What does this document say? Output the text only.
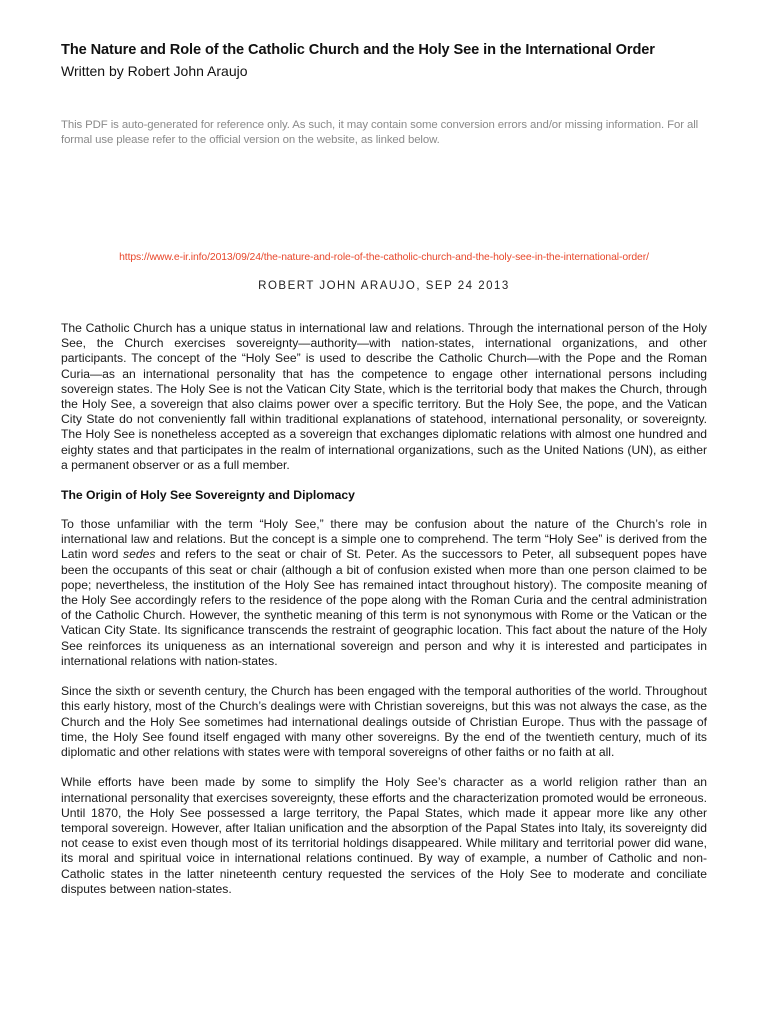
The Nature and Role of the Catholic Church and the Holy See in the International Order
Written by Robert John Araujo
This PDF is auto-generated for reference only. As such, it may contain some conversion errors and/or missing information. For all formal use please refer to the official version on the website, as linked below.
https://www.e-ir.info/2013/09/24/the-nature-and-role-of-the-catholic-church-and-the-holy-see-in-the-international-order/
ROBERT JOHN ARAUJO, SEP 24 2013

The Catholic Church has a unique status in international law and relations. Through the international person of the Holy See, the Church exercises sovereignty—authority—with nation-states, international organizations, and other participants. The concept of the “Holy See” is used to describe the Catholic Church—with the Pope and the Roman Curia—as an international personality that has the competence to engage other international persons including sovereign states. The Holy See is not the Vatican City State, which is the territorial body that makes the Church, through the Holy See, a sovereign that also claims power over a specific territory. But the Holy See, the pope, and the Vatican City State do not conveniently fall within traditional explanations of statehood, international personality, or sovereignty. The Holy See is nonetheless accepted as a sovereign that exchanges diplomatic relations with almost one hundred and eighty states and that participates in the realm of international organizations, such as the United Nations (UN), as either a permanent observer or as a full member.

The Origin of Holy See Sovereignty and Diplomacy

To those unfamiliar with the term “Holy See,” there may be confusion about the nature of the Church’s role in international law and relations. But the concept is a simple one to comprehend. The term “Holy See” is derived from the Latin word sedes and refers to the seat or chair of St. Peter. As the successors to Peter, all subsequent popes have been the occupants of this seat or chair (although a bit of confusion existed when more than one person claimed to be pope; nevertheless, the institution of the Holy See has remained intact throughout history). The composite meaning of the Holy See accordingly refers to the residence of the pope along with the Roman Curia and the central administration of the Catholic Church. However, the synthetic meaning of this term is not synonymous with Rome or the Vatican or the Vatican City State. Its significance transcends the restraint of geographic location. This fact about the nature of the Holy See reinforces its uniqueness as an international sovereign and person and why it is interested and participates in international relations with nation-states.

Since the sixth or seventh century, the Church has been engaged with the temporal authorities of the world. Throughout this early history, most of the Church’s dealings were with Christian sovereigns, but this was not always the case, as the Church and the Holy See sometimes had international dealings outside of Christian Europe. Thus with the passage of time, the Holy See found itself engaged with many other sovereigns. By the end of the twentieth century, much of its diplomatic and other relations with states were with temporal sovereigns of other faiths or no faith at all.

While efforts have been made by some to simplify the Holy See’s character as a world religion rather than an international personality that exercises sovereignty, these efforts and the characterization promoted would be erroneous. Until 1870, the Holy See possessed a large territory, the Papal States, which made it appear more like any other temporal sovereign. However, after Italian unification and the absorption of the Papal States into Italy, its sovereignty did not cease to exist even though most of its territorial holdings disappeared. While military and territorial power did wane, its moral and spiritual voice in international relations continued. By way of example, a number of Catholic and non-Catholic states in the latter nineteenth century requested the services of the Holy See to moderate and conciliate disputes between nation-states.
